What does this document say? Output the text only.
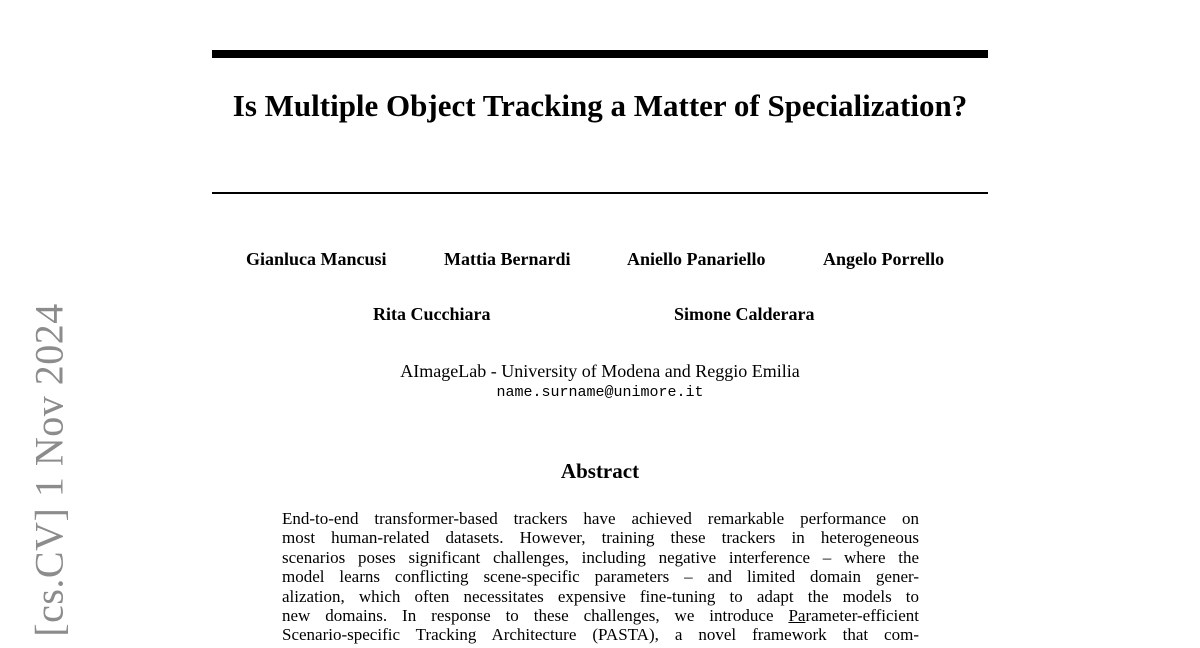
Is Multiple Object Tracking a Matter of Specialization?
Gianluca Mancusi	Mattia Bernardi	Aniello Panariello	Angelo Porrello
Rita Cucchiara	Simone Calderara
AImageLab - University of Modena and Reggio Emilia
name.surname@unimore.it
Abstract
End-to-end transformer-based trackers have achieved remarkable performance on
most human-related datasets. However, training these trackers in heterogeneous
scenarios poses significant challenges, including negative interference – where the
model learns conflicting scene-specific parameters – and limited domain gener-
alization, which often necessitates expensive fine-tuning to adapt the models to
new domains. In response to these challenges, we introduce Parameter-efficient
Scenario-specific Tracking Architecture (PASTA), a novel framework that com-
[cs.CV] 1 Nov 2024
